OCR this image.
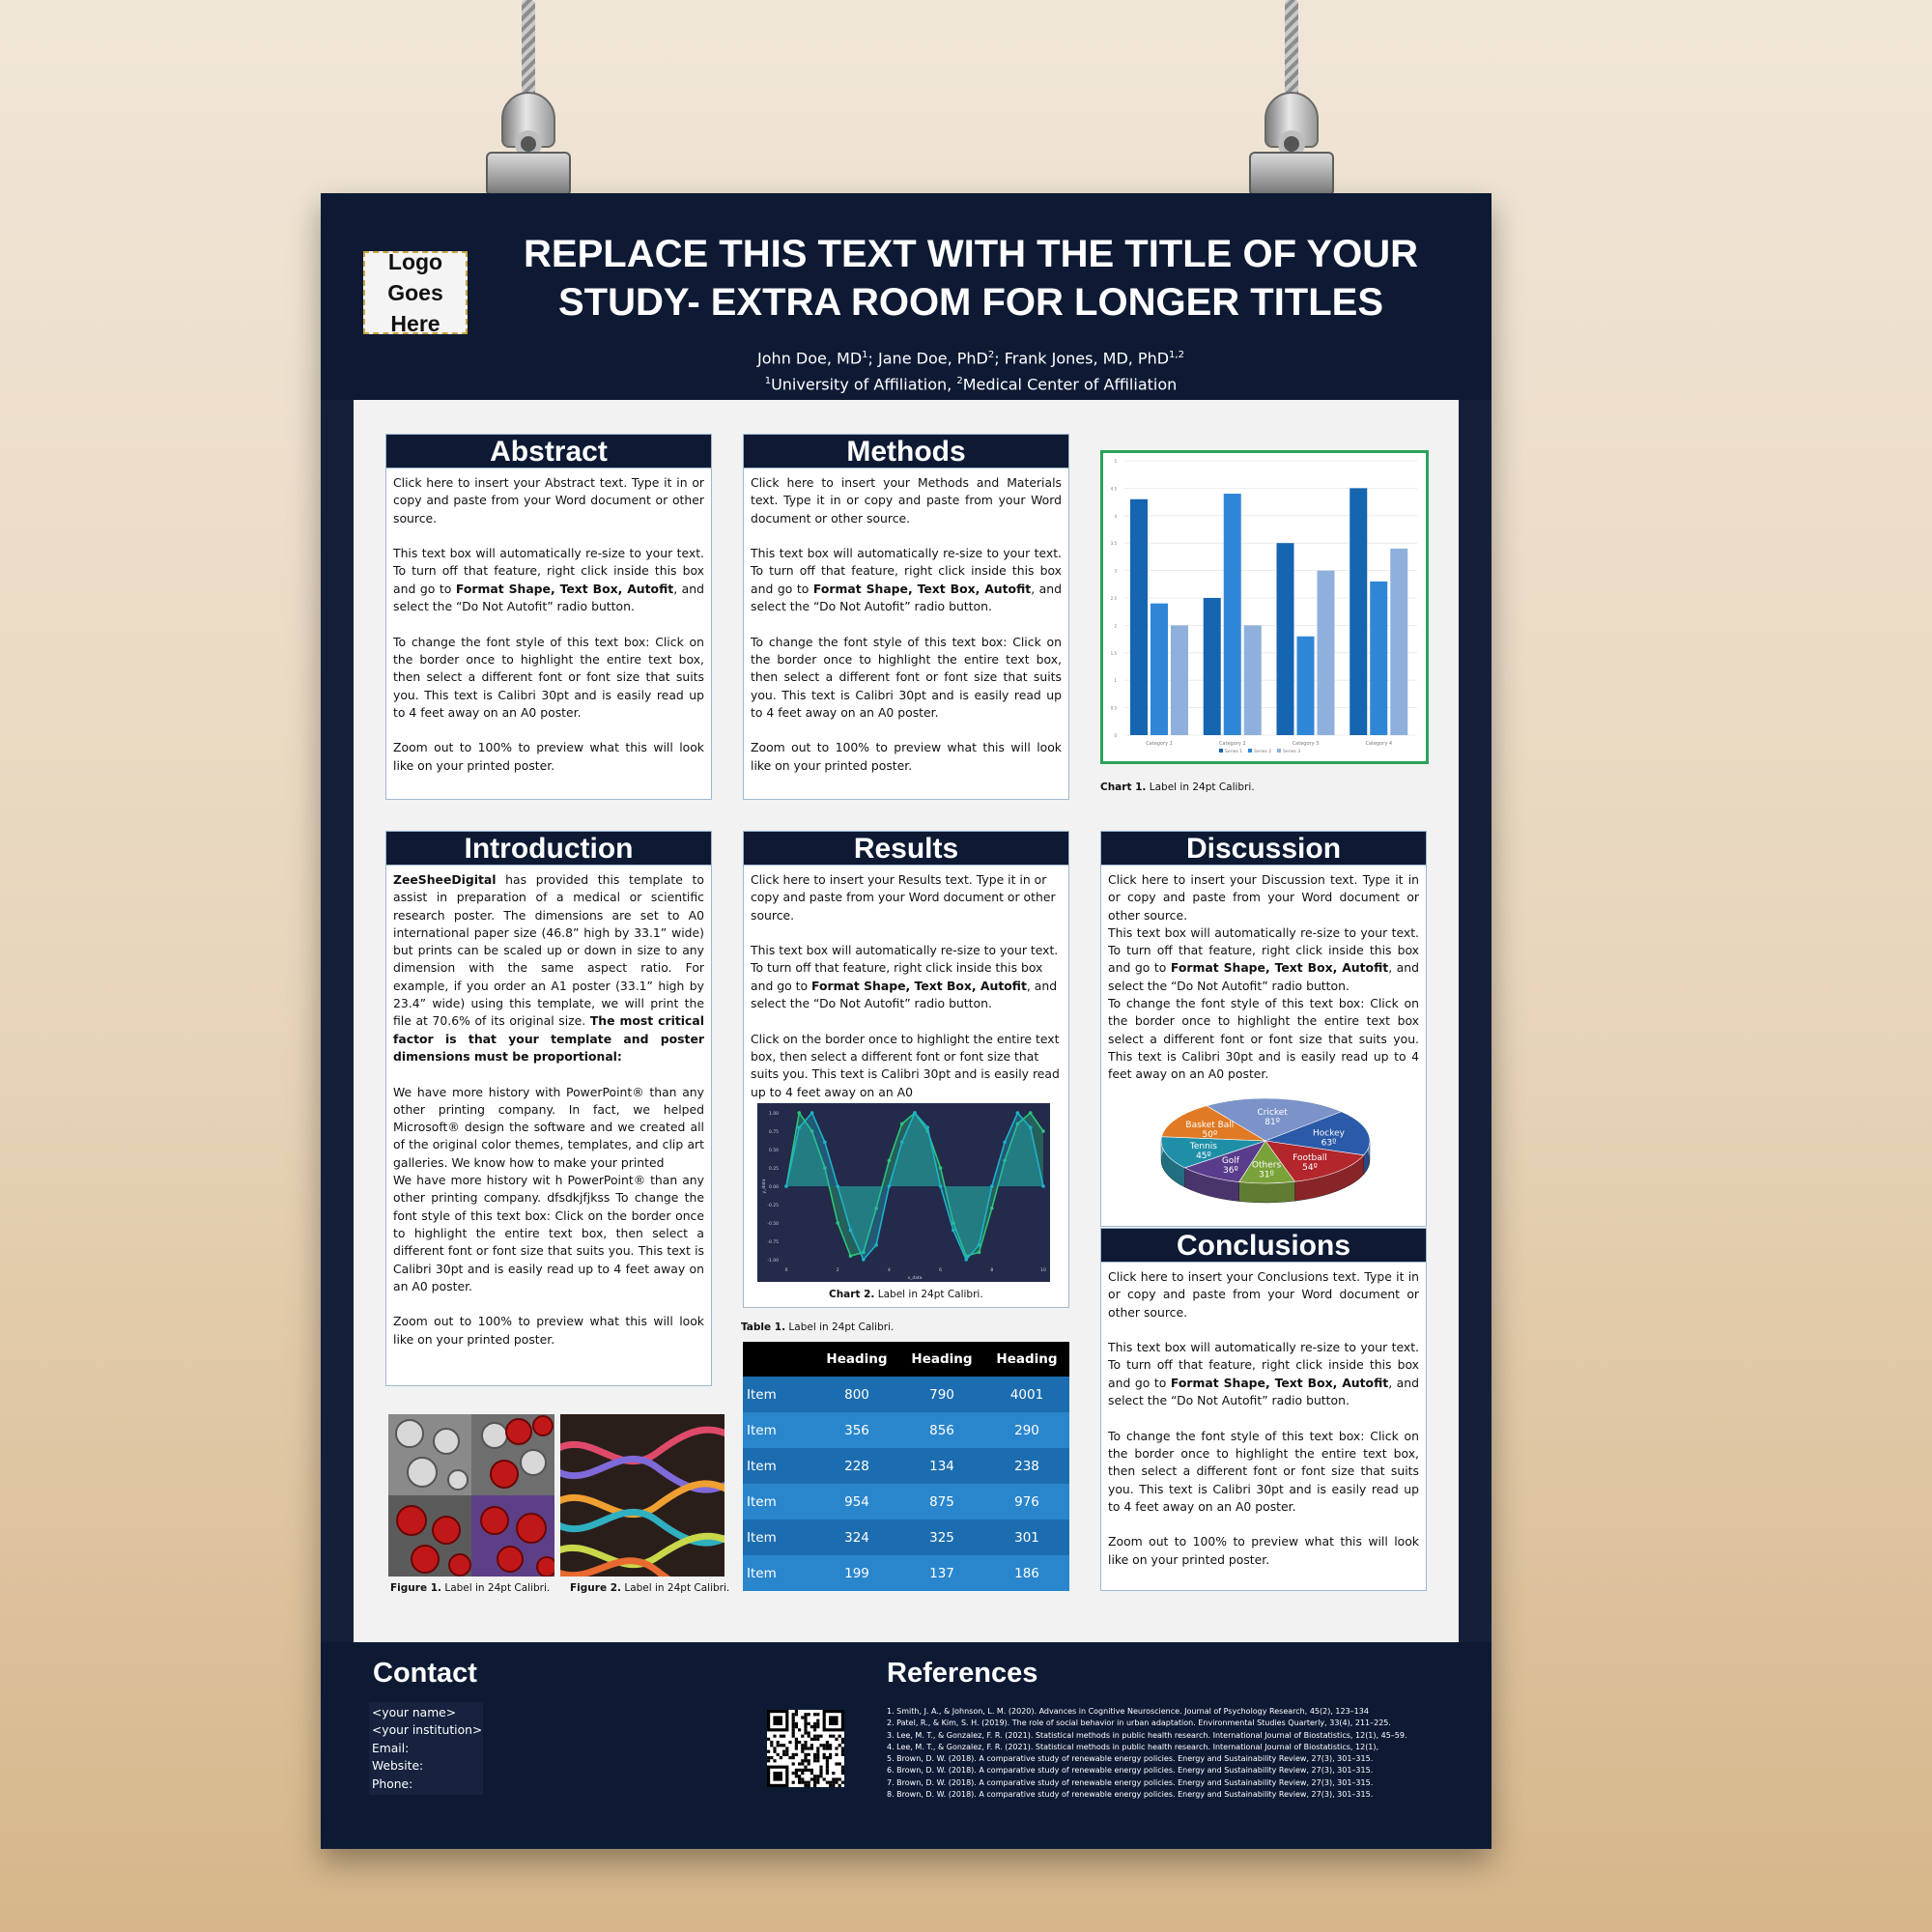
Logo
Goes
Here
REPLACE THIS TEXT WITH THE TITLE OF YOUR STUDY- EXTRA ROOM FOR LONGER TITLES
John Doe, $MD^1$; Jane Doe, PhD$^2$; Frank Jones, MD, PhD$^{1,2}$
$^1$University of Affiliation, $^2$Medical Center of Affiliation
Abstract

Click here to insert your Abstract text. Type it in or copy and paste from your Word document or other source.

This text box will automatically re-size to your text. To turn off that feature, right click inside this box and go to Format Shape, Text Box, Autofit, and select the “Do Not Autofit” radio button.

To change the font style of this text box: Click on the border once to highlight the entire text box, then select a different font or font size that suits you. This text is Calibri 30pt and is easily read up to 4 feet away on an A0 poster.

Zoom out to 100% to preview what this will look like on your printed poster.

Methods

Click here to insert your Methods and Materials text. Type it in or copy and paste from your Word document or other source.

This text box will automatically re-size to your text. To turn off that feature, right click inside this box and go to Format Shape, Text Box, Autofit, and select the “Do Not Autofit” radio button.

To change the font style of this text box: Click on the border once to highlight the entire text box, then select a different font or font size that suits you. This text is Calibri 30pt and is easily read up to 4 feet away on an A0 poster.

Zoom out to 100% to preview what this will look like on your printed poster.

0
0.5
1
1.5
2
2.5
3
3.5
4
4.5
5
Category 1	Category 2	Category 3	Category 4
Series 1	Series 2	Series 3
Chart 1. Label in 24pt Calibri.
Introduction

ZeeSheeDigital has provided this template to assist in preparation of a medical or scientific research poster. The dimensions are set to A0 international paper size (46.8” high by 33.1” wide) but prints can be scaled up or down in size to any dimension with the same aspect ratio. For example, if you order an A1 poster (33.1” high by 23.4” wide) using this template, we will print the file at 70.6% of its original size. The most critical factor is that your template and poster dimensions must be proportional:

We have more history with PowerPoint® than any other printing company. In fact, we helped Microsoft® design the software and we created all of the original color themes, templates, and clip art galleries. We know how to make your printed

We have more history wit h PowerPoint® than any other printing company. dfsdkjfjkss To change the font style of this text box: Click on the border once to highlight the entire text box, then select a different font or font size that suits you. This text is Calibri 30pt and is easily read up to 4 feet away on an A0 poster.

Zoom out to 100% to preview what this will look like on your printed poster.

Figure 1. Label in 24pt Calibri. Figure 2. Label in 24pt Calibri.
Results

Click here to insert your Results text. Type it in or copy and paste from your Word document or other source.

This text box will automatically re-size to your text. To turn off that feature, right click inside this box and go to Format Shape, Text Box, Autofit, and select the “Do Not Autofit” radio button.

Click on the border once to highlight the entire text box, then select a different font or font size that suits you. This text is Calibri 30pt and is easily read up to 4 feet away on an A0

1.00
0.75
0.50
0.25
0.00
-0.25
-0.50
-0.75
-1.00
0	2	4	6	8	10
x_data
y_data
Chart 2. Label in 24pt Calibri.
Table 1. Label in 24pt Calibri.
	Heading	Heading	Heading
Item	800	790	4001
Item	356	856	290
Item	228	134	238
Item	954	875	976
Item	324	325	301
Item	199	137	186
Discussion

Click here to insert your Discussion text. Type it in or copy and paste from your Word document or other source.

This text box will automatically re-size to your text. To turn off that feature, right click inside this box and go to Format Shape, Text Box, Autofit, and select the “Do Not Autofit” radio button.

To change the font style of this text box: Click on the border once to highlight the entire text box select a different font or font size that suits you. This text is Calibri 30pt and is easily read up to 4 feet away on an A0 poster.

Cricket
81º
Hockey
63º
Football
54º
Others
31º
Golf
36º
Tennis
45º
Basket Ball
50º
Conclusions

Click here to insert your Conclusions text. Type it in or copy and paste from your Word document or other source.

This text box will automatically re-size to your text. To turn off that feature, right click inside this box and go to Format Shape, Text Box, Autofit, and select the “Do Not Autofit” radio button.

To change the font style of this text box: Click on the border once to highlight the entire text box, then select a different font or font size that suits you. This text is Calibri 30pt and is easily read up to 4 feet away on an A0 poster.

Zoom out to 100% to preview what this will look like on your printed poster.

Contact
<your name>
<your institution>
Email:
Website:
Phone:
References
1. Smith, J. A., & Johnson, L. M. (2020). Advances in Cognitive Neuroscience. Journal of Psychology Research, 45(2), 123–134
2. Patel, R., & Kim, S. H. (2019). The role of social behavior in urban adaptation. Environmental Studies Quarterly, 33(4), 211–225.
3. Lee, M. T., & Gonzalez, F. R. (2021). Statistical methods in public health research. International Journal of Biostatistics, 12(1), 45–59.
4. Lee, M. T., & Gonzalez, F. R. (2021). Statistical methods in public health research. International Journal of Biostatistics, 12(1),
5. Brown, D. W. (2018). A comparative study of renewable energy policies. Energy and Sustainability Review, 27(3), 301–315.
6. Brown, D. W. (2018). A comparative study of renewable energy policies. Energy and Sustainability Review, 27(3), 301–315.
7. Brown, D. W. (2018). A comparative study of renewable energy policies. Energy and Sustainability Review, 27(3), 301–315.
8. Brown, D. W. (2018). A comparative study of renewable energy policies. Energy and Sustainability Review, 27(3), 301–315.
